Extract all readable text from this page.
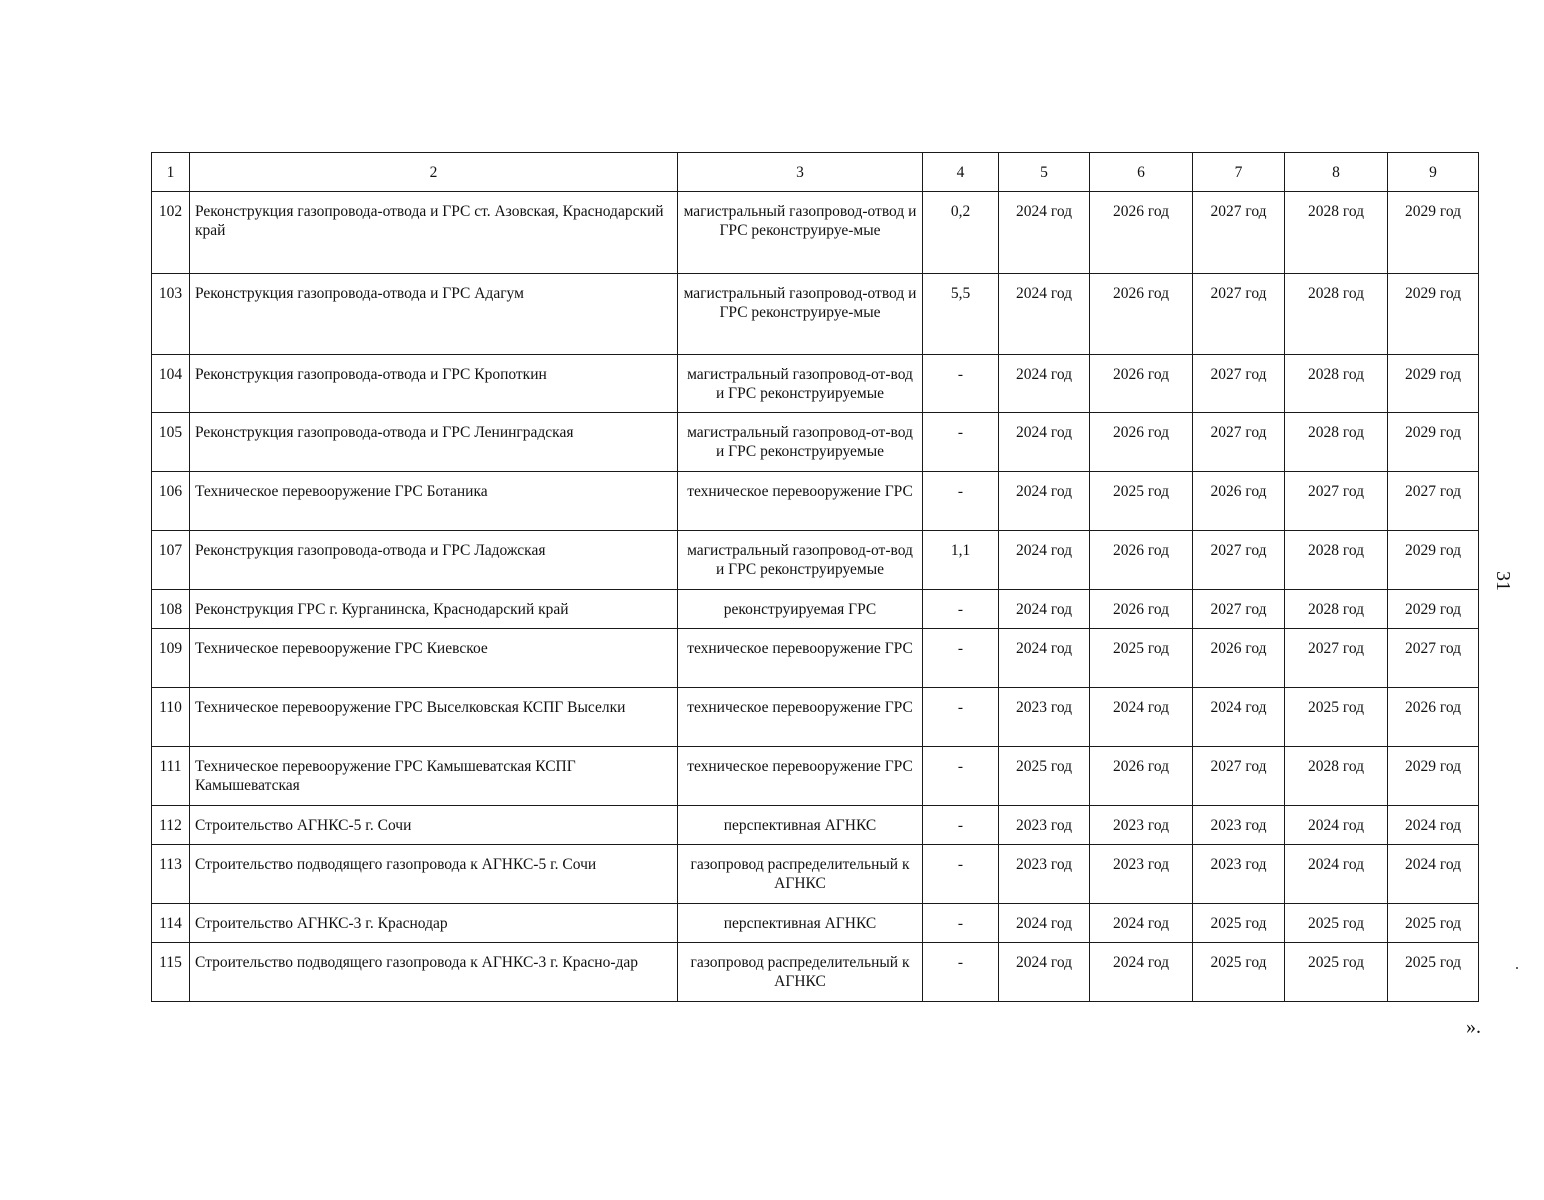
1	2	3	4	5	6	7	8	9
102	Реконструкция газопровода-отвода и ГРС ст. Азовская, Краснодарский край	магистральный газопровод-отвод и ГРС реконструируе-мые	0,2	2024 год	2026 год	2027 год	2028 год	2029 год
103	Реконструкция газопровода-отвода и ГРС Адагум	магистральный газопровод-отвод и ГРС реконструируе-мые	5,5	2024 год	2026 год	2027 год	2028 год	2029 год
104	Реконструкция газопровода-отвода и ГРС Кропоткин	магистральный газопровод-от-вод и ГРС реконструируемые	-	2024 год	2026 год	2027 год	2028 год	2029 год
105	Реконструкция газопровода-отвода и ГРС Ленинградская	магистральный газопровод-от-вод и ГРС реконструируемые	-	2024 год	2026 год	2027 год	2028 год	2029 год
106	Техническое перевооружение ГРС Ботаника	техническое перевооружение ГРС	-	2024 год	2025 год	2026 год	2027 год	2027 год
107	Реконструкция газопровода-отвода и ГРС Ладожская	магистральный газопровод-от-вод и ГРС реконструируемые	1,1	2024 год	2026 год	2027 год	2028 год	2029 год
108	Реконструкция ГРС г. Курганинска, Краснодарский край	реконструируемая ГРС	-	2024 год	2026 год	2027 год	2028 год	2029 год
109	Техническое перевооружение ГРС Киевское	техническое перевооружение ГРС	-	2024 год	2025 год	2026 год	2027 год	2027 год
110	Техническое перевооружение ГРС Выселковская КСПГ Выселки	техническое перевооружение ГРС	-	2023 год	2024 год	2024 год	2025 год	2026 год
111	Техническое перевооружение ГРС Камышеватская КСПГ Камышеватская	техническое перевооружение ГРС	-	2025 год	2026 год	2027 год	2028 год	2029 год
112	Строительство АГНКС-5 г. Сочи	перспективная АГНКС	-	2023 год	2023 год	2023 год	2024 год	2024 год
113	Строительство подводящего газопровода к АГНКС-5 г. Сочи	газопровод распределительный к АГНКС	-	2023 год	2023 год	2023 год	2024 год	2024 год
114	Строительство АГНКС-3 г. Краснодар	перспективная АГНКС	-	2024 год	2024 год	2025 год	2025 год	2025 год
115	Строительство подводящего газопровода к АГНКС-3 г. Красно-дар	газопровод распределительный к АГНКС	-	2024 год	2024 год	2025 год	2025 год	2025 год
31
».
